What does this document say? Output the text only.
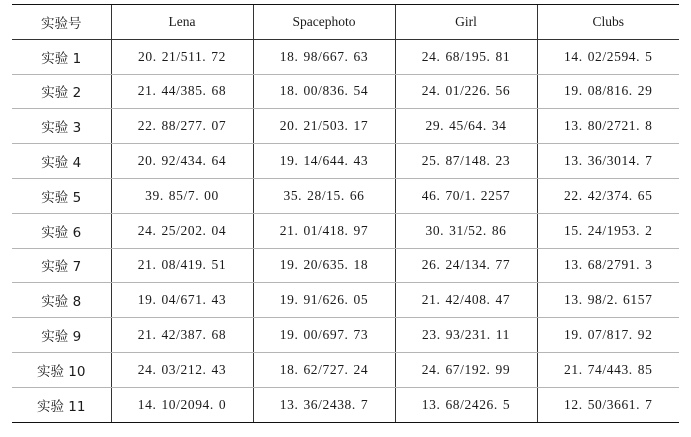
实验号	Lena	Spacephoto	Girl	Clubs
实验 1	20. 21/511. 72	18. 98/667. 63	24. 68/195. 81	14. 02/2594. 5
实验 2	21. 44/385. 68	18. 00/836. 54	24. 01/226. 56	19. 08/816. 29
实验 3	22. 88/277. 07	20. 21/503. 17	29. 45/64. 34	13. 80/2721. 8
实验 4	20. 92/434. 64	19. 14/644. 43	25. 87/148. 23	13. 36/3014. 7
实验 5	39. 85/7. 00	35. 28/15. 66	46. 70/1. 2257	22. 42/374. 65
实验 6	24. 25/202. 04	21. 01/418. 97	30. 31/52. 86	15. 24/1953. 2
实验 7	21. 08/419. 51	19. 20/635. 18	26. 24/134. 77	13. 68/2791. 3
实验 8	19. 04/671. 43	19. 91/626. 05	21. 42/408. 47	13. 98/2. 6157
实验 9	21. 42/387. 68	19. 00/697. 73	23. 93/231. 11	19. 07/817. 92
实验 10	24. 03/212. 43	18. 62/727. 24	24. 67/192. 99	21. 74/443. 85
实验 11	14. 10/2094. 0	13. 36/2438. 7	13. 68/2426. 5	12. 50/3661. 7
